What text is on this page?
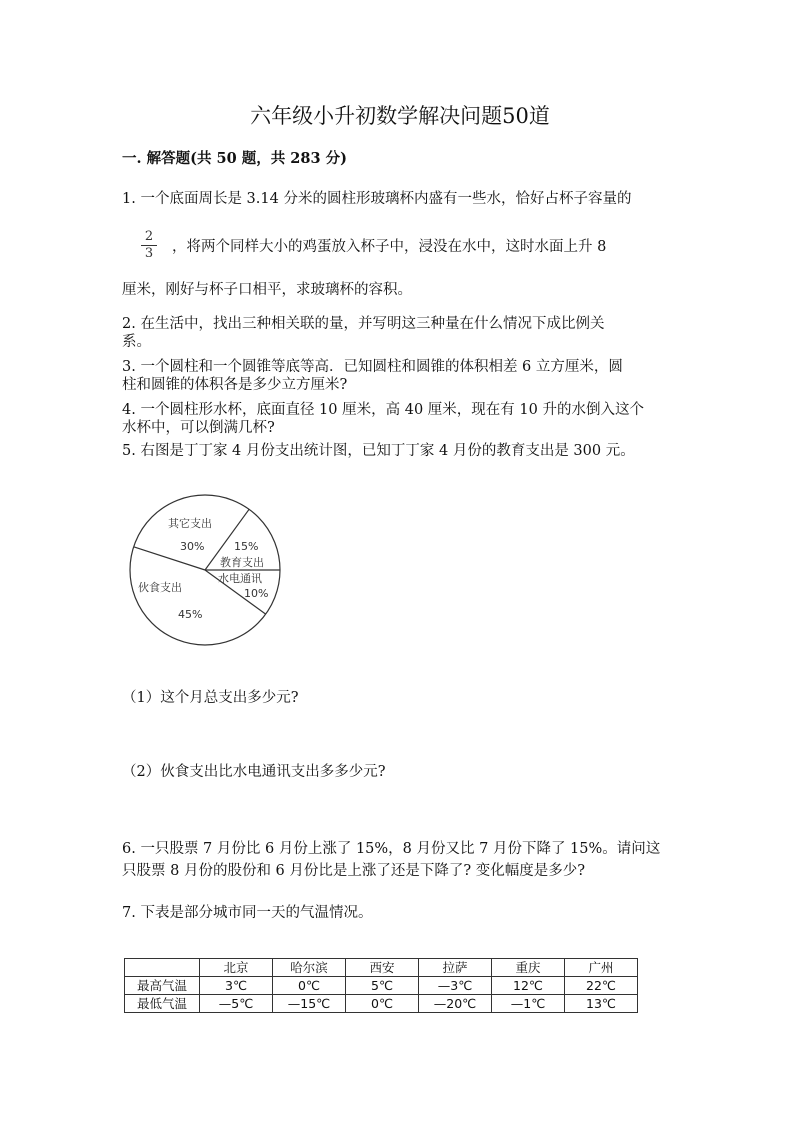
六年级小升初数学解决问题50道
一. 解答题(共 50 题，共 283 分)
1. 一个底面周长是 3.14 分米的圆柱形玻璃杯内盛有一些水，恰好占杯子容量的
2
3 ，将两个同样大小的鸡蛋放入杯子中，浸没在水中，这时水面上升 8
厘米，刚好与杯子口相平，求玻璃杯的容积。
2. 在生活中，找出三种相关联的量，并写明这三种量在什么情况下成比例关
系。
3. 一个圆柱和一个圆锥等底等高．已知圆柱和圆锥的体积相差 6 立方厘米，圆
柱和圆锥的体积各是多少立方厘米?
4. 一个圆柱形水杯，底面直径 10 厘米，高 40 厘米，现在有 10 升的水倒入这个
水杯中，可以倒满几杯?
5. 右图是丁丁家 4 月份支出统计图，已知丁丁家 4 月份的教育支出是 300 元。
其它支出
30%	15%
教育支出
水电通讯
10%
伙食支出
45%
（1）这个月总支出多少元?
（2）伙食支出比水电通讯支出多多少元?
6. 一只股票 7 月份比 6 月份上涨了 15%，8 月份又比 7 月份下降了 15%。请问这
只股票 8 月份的股份和 6 月份比是上涨了还是下降了? 变化幅度是多少?
7. 下表是部分城市同一天的气温情况。
	北京	哈尔滨	西安	拉萨	重庆	广州
最高气温	3℃	0℃	5℃	—3℃	12℃	22℃
最低气温	—5℃	—15℃	0℃	—20℃	—1℃	13℃
